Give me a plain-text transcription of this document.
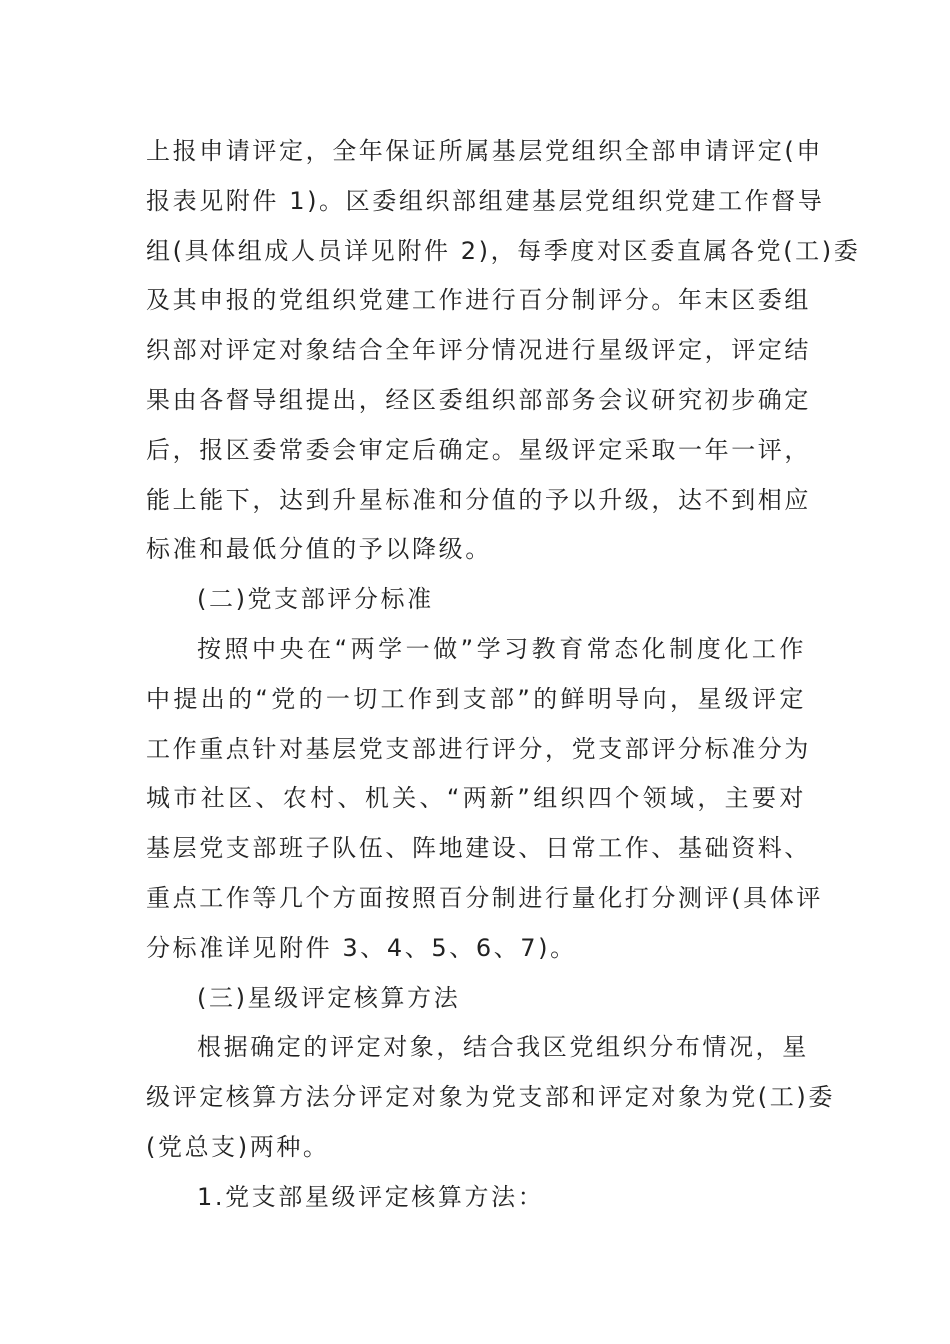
上报申请评定，全年保证所属基层党组织全部申请评定(申
报表见附件 1)。区委组织部组建基层党组织党建工作督导
组(具体组成人员详见附件 2)，每季度对区委直属各党(工)委
及其申报的党组织党建工作进行百分制评分。年末区委组
织部对评定对象结合全年评分情况进行星级评定，评定结
果由各督导组提出，经区委组织部部务会议研究初步确定
后，报区委常委会审定后确定。星级评定采取一年一评，
能上能下，达到升星标准和分值的予以升级，达不到相应
标准和最低分值的予以降级。
(二)党支部评分标准
按照中央在“两学一做”学习教育常态化制度化工作
中提出的“党的一切工作到支部”的鲜明导向，星级评定
工作重点针对基层党支部进行评分，党支部评分标准分为
城市社区、农村、机关、“两新”组织四个领域，主要对
基层党支部班子队伍、阵地建设、日常工作、基础资料、
重点工作等几个方面按照百分制进行量化打分测评(具体评
分标准详见附件 3、4、5、6、7)。
(三)星级评定核算方法
根据确定的评定对象，结合我区党组织分布情况，星
级评定核算方法分评定对象为党支部和评定对象为党(工)委
(党总支)两种。
1.党支部星级评定核算方法：
